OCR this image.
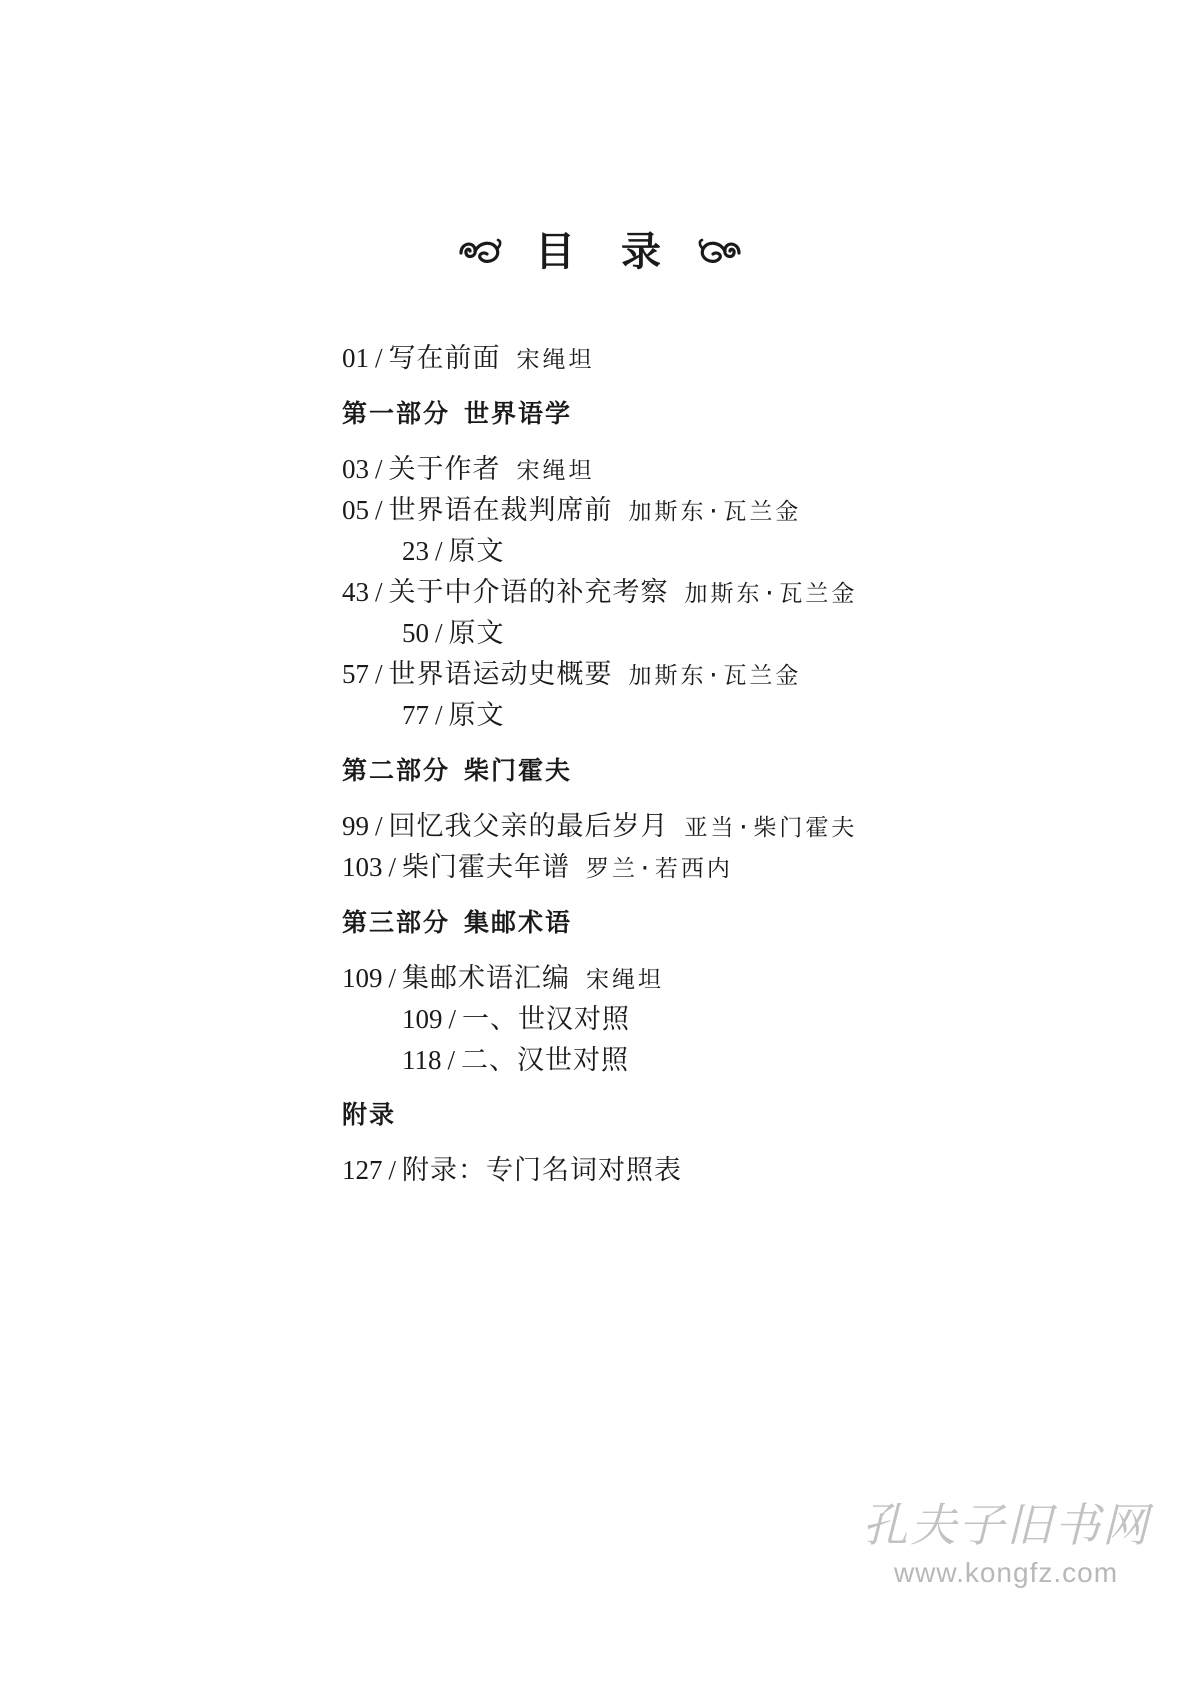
目 录
01 / 写在前面 宋绳坦
第一部分 世界语学
03 / 关于作者 宋绳坦
05 / 世界语在裁判席前 加斯东·瓦兰金
23 / 原文
43 / 关于中介语的补充考察 加斯东·瓦兰金
50 / 原文
57 / 世界语运动史概要 加斯东·瓦兰金
77 / 原文
第二部分 柴门霍夫
99 / 回忆我父亲的最后岁月 亚当·柴门霍夫
103 / 柴门霍夫年谱 罗兰·若西内
第三部分 集邮术语
109 / 集邮术语汇编 宋绳坦
109 / 一、世汉对照
118 / 二、汉世对照
附录
127 / 附录：专门名词对照表
孔夫子旧书网
www.kongfz.com
